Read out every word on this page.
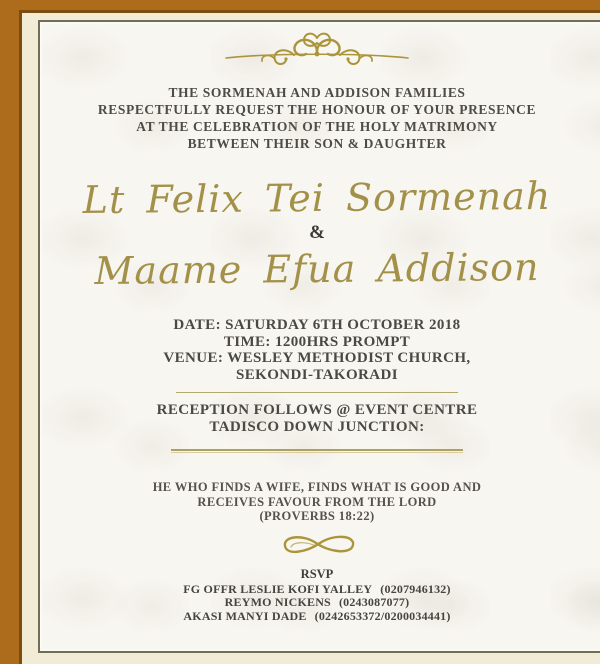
THE SORMENAH AND ADDISON FAMILIES
RESPECTFULLY REQUEST THE HONOUR OF YOUR PRESENCE
AT THE CELEBRATION OF THE HOLY MATRIMONY
BETWEEN THEIR SON & DAUGHTER
Lt Felix Tei Sormenah
&
Maame Efua Addison
DATE: SATURDAY 6TH OCTOBER 2018
TIME: 1200HRS PROMPT
VENUE: WESLEY METHODIST CHURCH,
SEKONDI-TAKORADI
RECEPTION FOLLOWS @ EVENT CENTRE
TADISCO DOWN JUNCTION:
HE WHO FINDS A WIFE, FINDS WHAT IS GOOD AND
RECEIVES FAVOUR FROM THE LORD
(PROVERBS 18:22)
RSVP
FG OFFR LESLIE KOFI YALLEY (0207946132)
REYMO NICKENS (0243087077)
AKASI MANYI DADE (0242653372/0200034441)
